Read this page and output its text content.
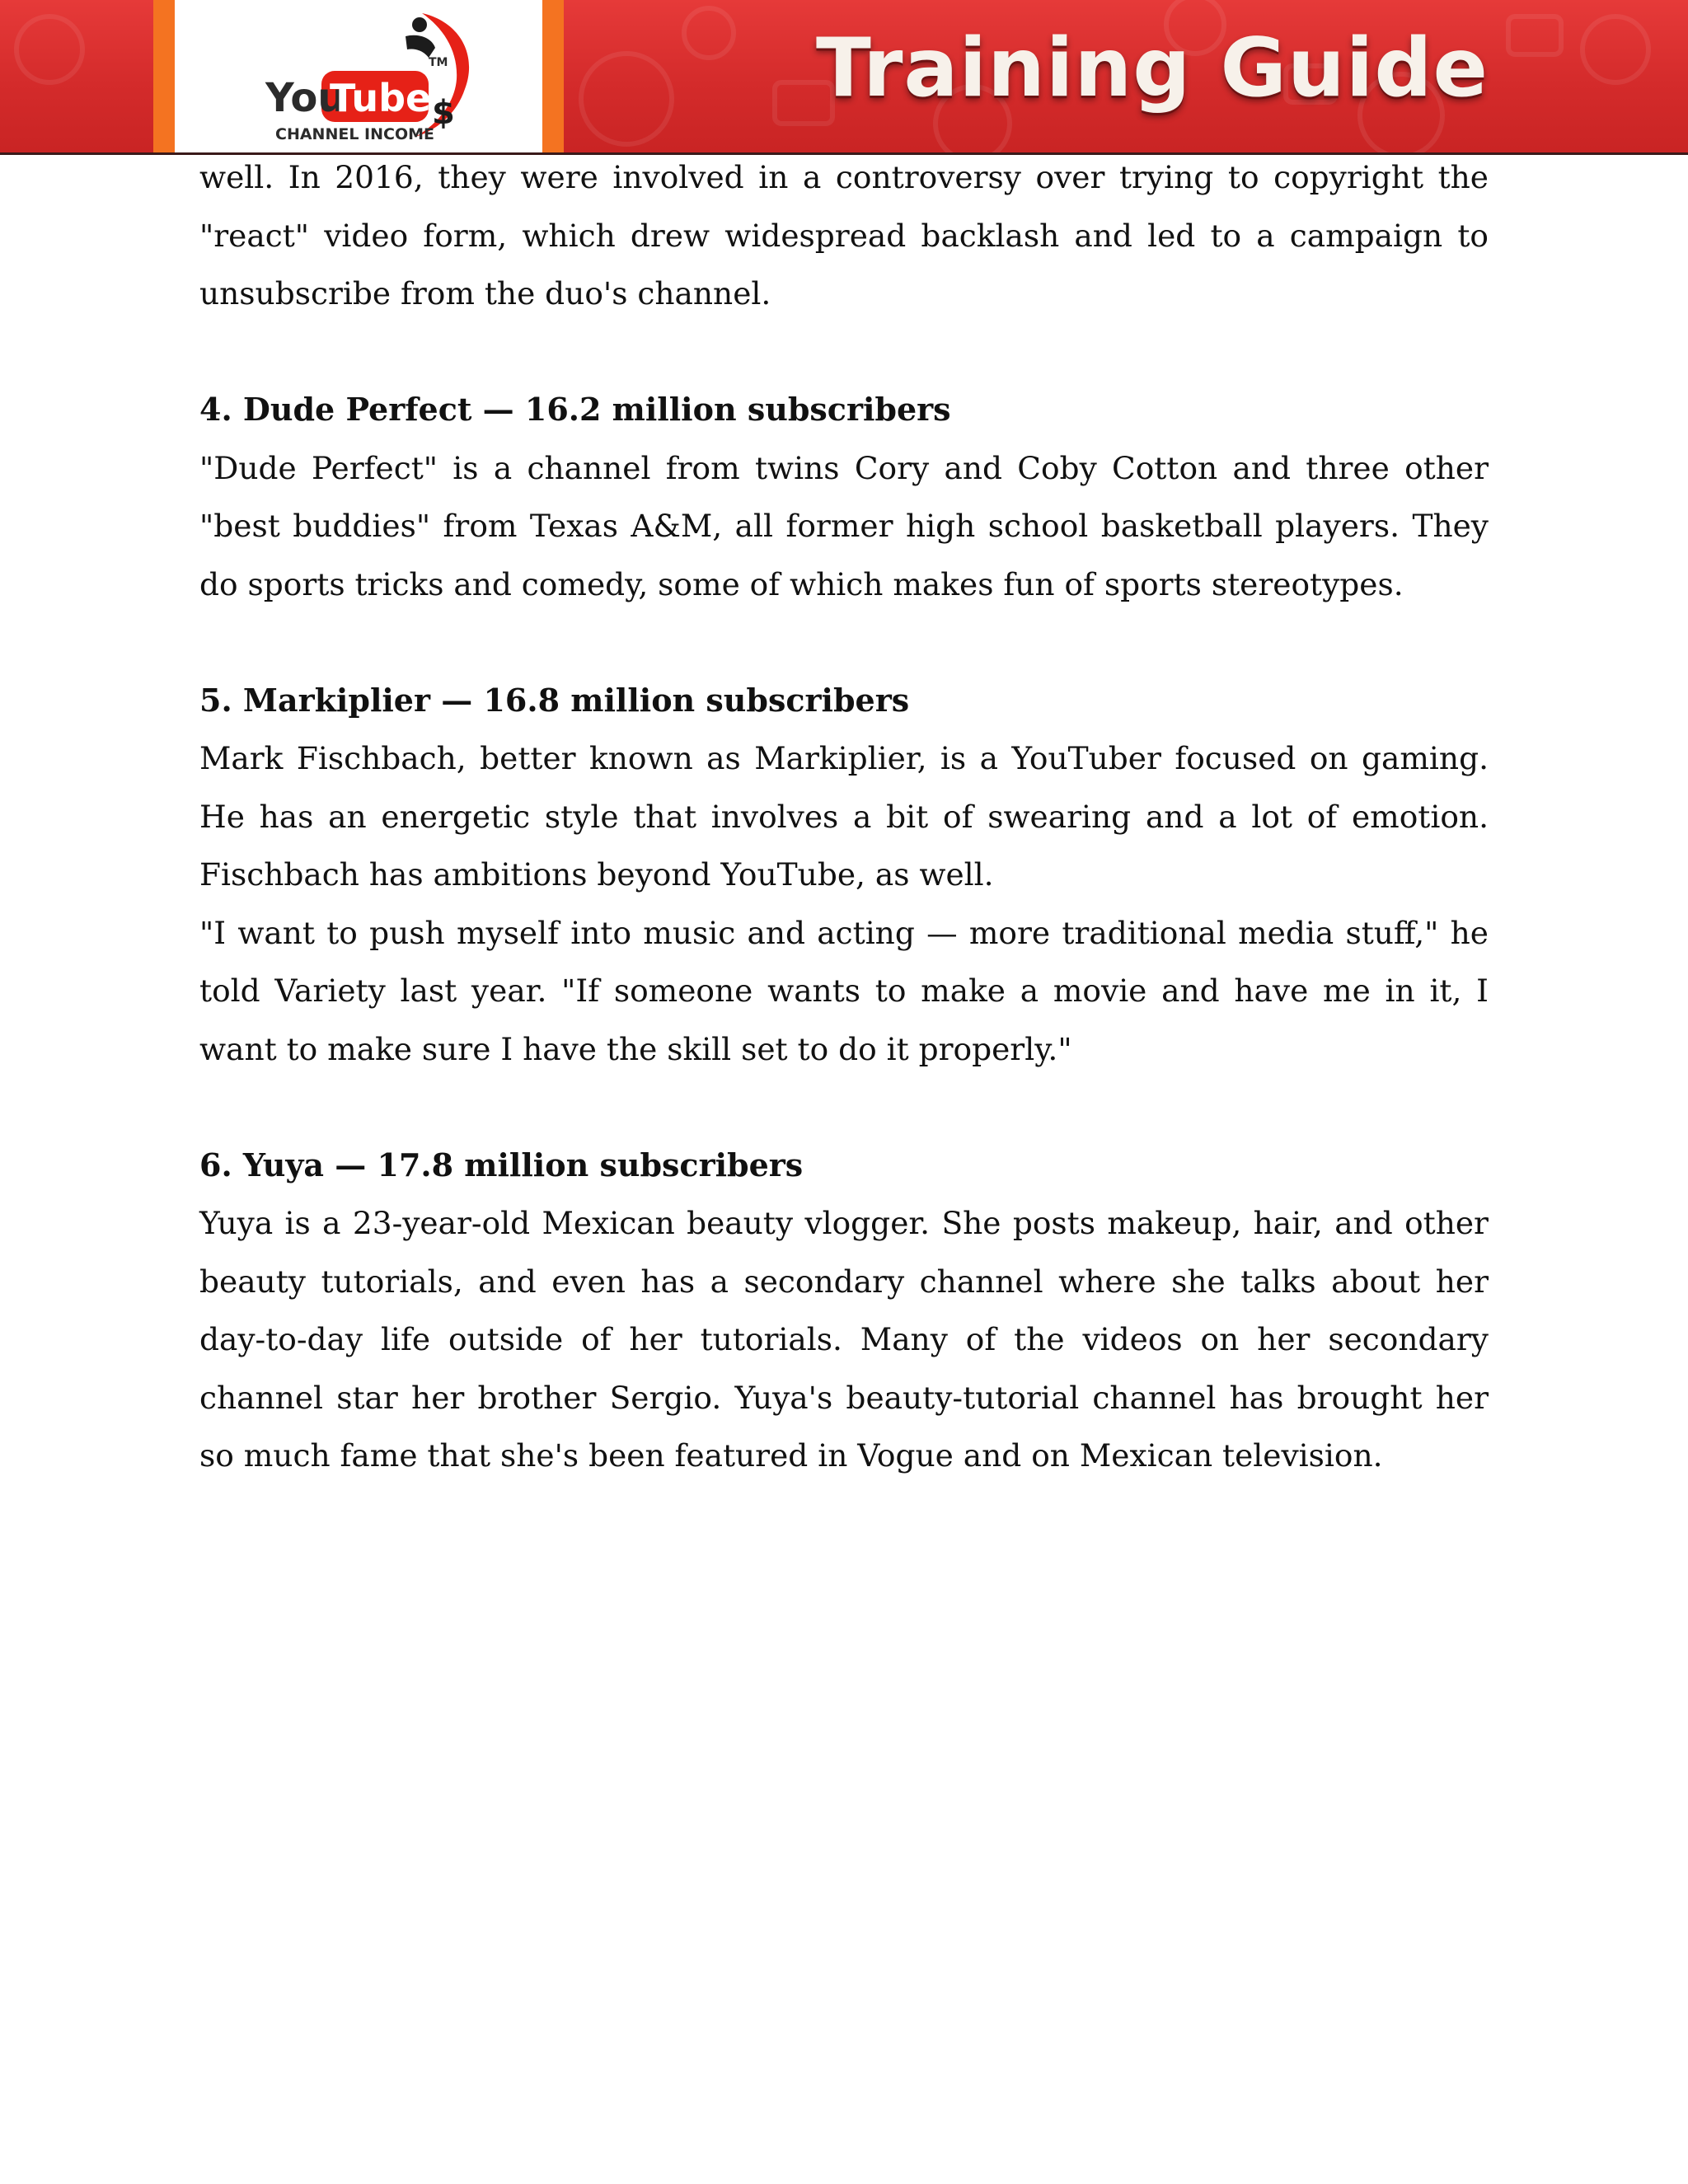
You
Tube
TM
$
CHANNEL INCOME
Training Guide

well. In 2016, they were involved in a controversy over trying to copyright the "react" video form, which drew widespread backlash and led to a campaign to unsubscribe from the duo's channel.

4. Dude Perfect — 16.2 million subscribers

"Dude Perfect" is a channel from twins Cory and Coby Cotton and three other "best buddies" from Texas A&M, all former high school basketball players. They do sports tricks and comedy, some of which makes fun of sports stereotypes.

5. Markiplier — 16.8 million subscribers

Mark Fischbach, better known as Markiplier, is a YouTuber focused on gaming. He has an energetic style that involves a bit of swearing and a lot of emotion. Fischbach has ambitions beyond YouTube, as well.

"I want to push myself into music and acting — more traditional media stuff," he told Variety last year. "If someone wants to make a movie and have me in it, I want to make sure I have the skill set to do it properly."

6. Yuya — 17.8 million subscribers

Yuya is a 23-year-old Mexican beauty vlogger. She posts makeup, hair, and other beauty tutorials, and even has a secondary channel where she talks about her day-to-day life outside of her tutorials. Many of the videos on her secondary channel star her brother Sergio. Yuya's beauty-tutorial channel has brought her so much fame that she's been featured in Vogue and on Mexican television.
